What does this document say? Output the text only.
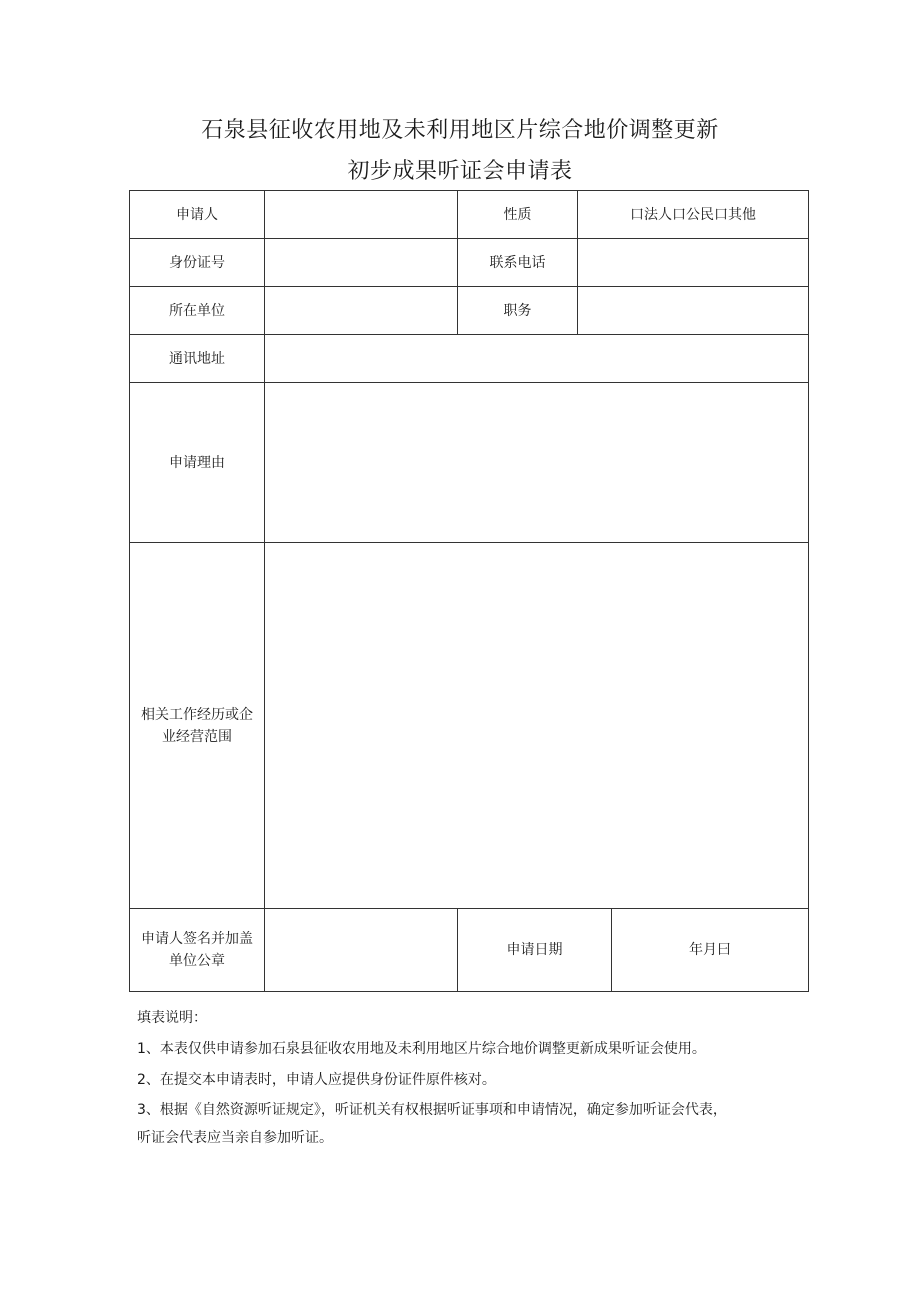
石泉县征收农用地及未利用地区片综合地价调整更新
初步成果听证会申请表
申请人		性质	口法人口公民口其他	
身份证号		联系电话		
所在单位		职务		
通讯地址				
申请理由				

相关工作经历或企
业经营范围				

申请人签名并加盖
单位公章		申请日期		年月曰

填表说明：

1、本表仅供申请参加石泉县征收农用地及未利用地区片综合地价调整更新成果听证会使用。

2、在提交本申请表时，申请人应提供身份证件原件核对。

3、根据《自然资源听证规定》，听证机关有权根据听证事项和申请情况，确定参加听证会代表，

听证会代表应当亲自参加听证。
